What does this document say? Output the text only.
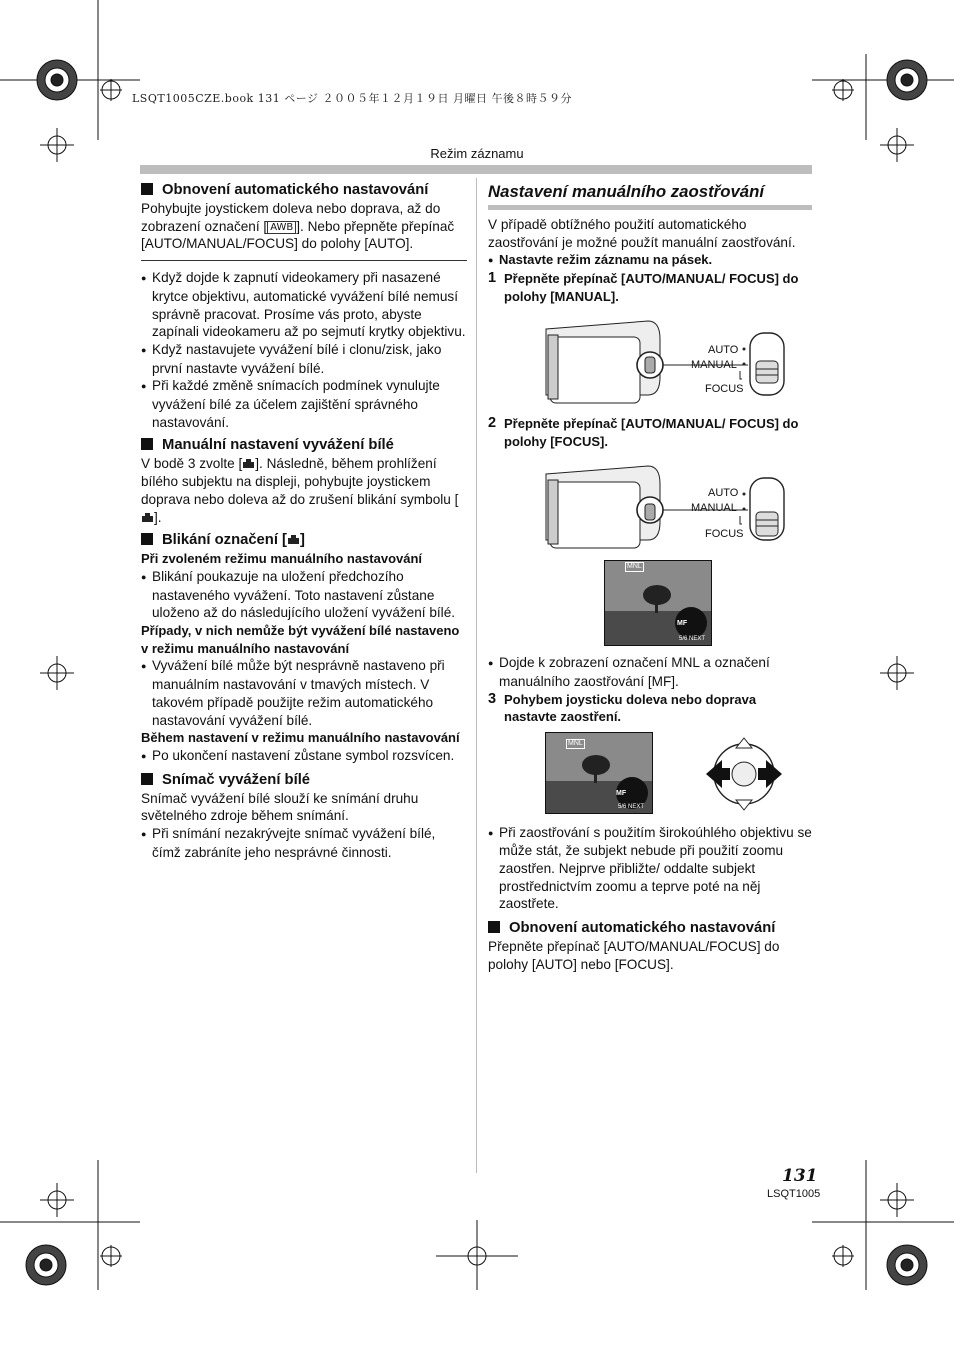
LSQT1005CZE.book 131 ページ ２００５年１２月１９日 月曜日 午後８時５９分
Režim záznamu
Obnovení automatického nastavování

Pohybujte joystickem doleva nebo doprava, až do zobrazení označení [ AWB ]. Nebo přepněte přepínač [AUTO/MANUAL/FOCUS] do polohy [AUTO].

● Když dojde k zapnutí videokamery při nasazené krytce objektivu, automatické vyvážení bílé nemusí správně pracovat. Prosíme vás proto, abyste zapínali videokameru až po sejmutí krytky objektivu.

● Když nastavujete vyvážení bílé i clonu/zisk, jako první nastavte vyvážení bílé.

● Při každé změně snímacích podmínek vynulujte vyvážení bílé za účelem zajištění správného nastavování.

Manuální nastavení vyvážení bílé

V bodě 3 zvolte [ ]. Následně, během prohlížení bílého subjektu na displeji, pohybujte joystickem doprava nebo doleva až do zrušení blikání symbolu [].

Blikání označení [ ]

Při zvoleném režimu manuálního nastavování

● Blikání poukazuje na uložení předchozího nastaveného vyvážení. Toto nastavení zůstane uloženo až do následujícího uložení vyvážení bílé.

Případy, v nich nemůže být vyvážení bílé nastaveno v režimu manuálního nastavování

● Vyvážení bílé může být nesprávně nastaveno při manuálním nastavování v tmavých místech. V takovém případě použijte režim automatického nastavování vyvážení bílé.

Během nastavení v režimu manuálního nastavování

● Po ukončení nastavení zůstane symbol rozsvícen.

Snímač vyvážení bílé

Snímač vyvážení bílé slouží ke snímání druhu světelného zdroje během snímání.

● Při snímání nezakrývejte snímač vyvážení bílé, čímž zabráníte jeho nesprávné činnosti.

Nastavení manuálního zaostřování

V případě obtížného použití automatického zaostřování je možné použít manuální zaostřování.

● Nastavte režim záznamu na pásek.

1 Přepněte přepínač [AUTO/MANUAL/ FOCUS] do polohy [MANUAL].
AUTO
MANUAL
FOCUS
2 Přepněte přepínač [AUTO/MANUAL/ FOCUS] do polohy [FOCUS].
AUTO
MANUAL
FOCUS
MNL
MF
5/6 NEXT

● Dojde k zobrazení označení MNL a označení manuálního zaostřování [MF].

3 Pohybem joysticku doleva nebo doprava nastavte zaostření.
MNL
MF
5/6 NEXT

● Při zaostřování s použitím širokoúhlého objektivu se může stát, že subjekt nebude při použití zoomu zaostřen. Nejprve přibližte/ oddalte subjekt prostřednictvím zoomu a teprve poté na něj zaostřete.

Obnovení automatického nastavování

Přepněte přepínač [AUTO/MANUAL/FOCUS] do polohy [AUTO] nebo [FOCUS].

131
LSQT1005
